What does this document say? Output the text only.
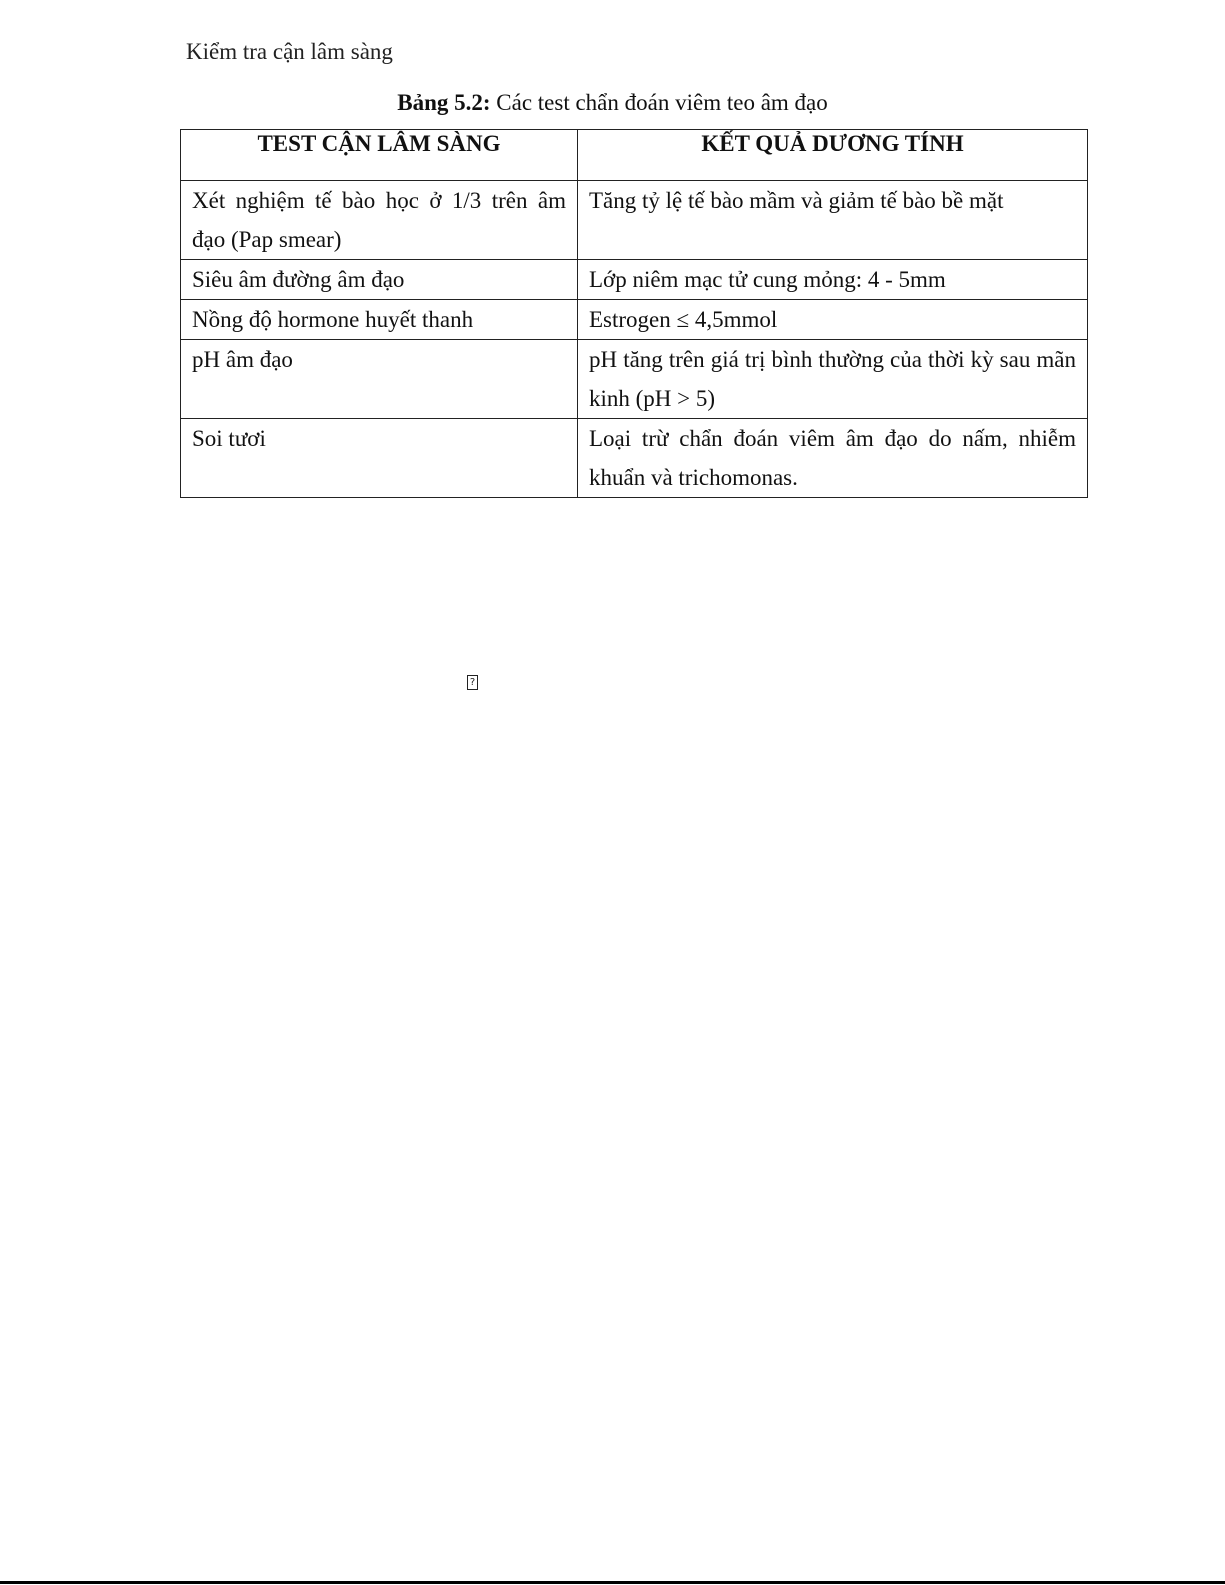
Kiểm tra cận lâm sàng
Bảng 5.2: Các test chẩn đoán viêm teo âm đạo
TEST CẬN LÂM SÀNG	KẾT QUẢ DƯƠNG TÍNH
Xét nghiệm tế bào học ở 1/3 trên âm đạo (Pap smear)	Tăng tỷ lệ tế bào mầm và giảm tế bào bề mặt
Siêu âm đường âm đạo	Lớp niêm mạc tử cung mỏng: 4 - 5mm
Nồng độ hormone huyết thanh	Estrogen ≤ 4,5mmol
pH âm đạo	pH tăng trên giá trị bình thường của thời kỳ sau mãn kinh (pH > 5)
Soi tươi	Loại trừ chẩn đoán viêm âm đạo do nấm, nhiễm khuẩn và trichomonas.
?
